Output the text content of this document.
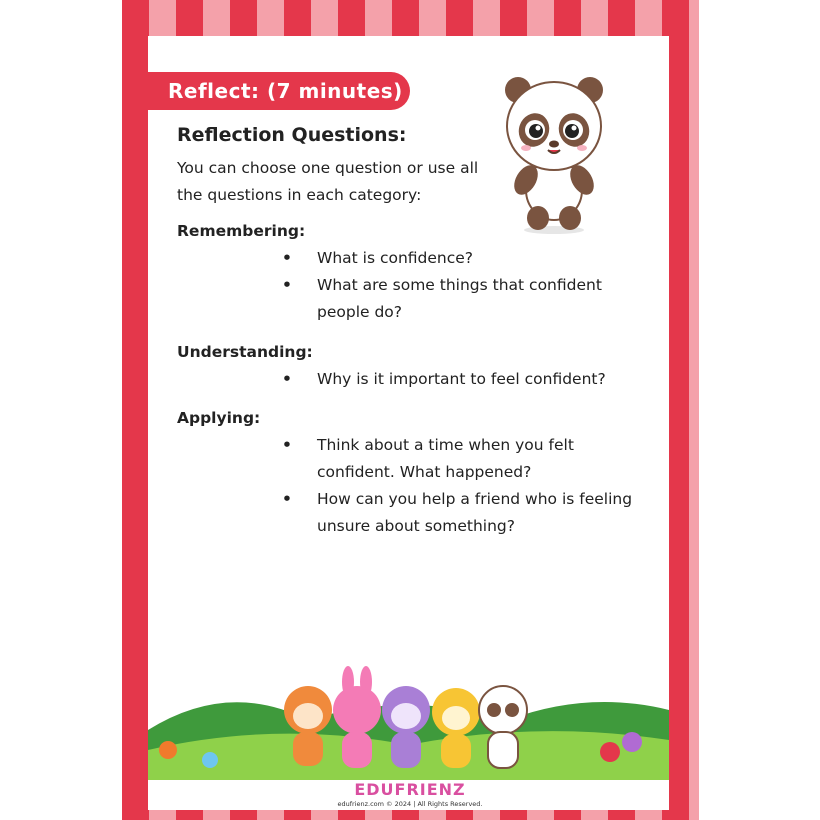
Reflect: (7 minutes)
Reflection Questions:
You can choose one question or use all the questions in each category:
Remembering:
• What is confidence?
• What are some things that confident people do?
Understanding:
• Why is it important to feel confident?
Applying:
• Think about a time when you felt confident. What happened?
• How can you help a friend who is feeling unsure about something?
EDUFRIENZ
edufrienz.com © 2024 | All Rights Reserved.
